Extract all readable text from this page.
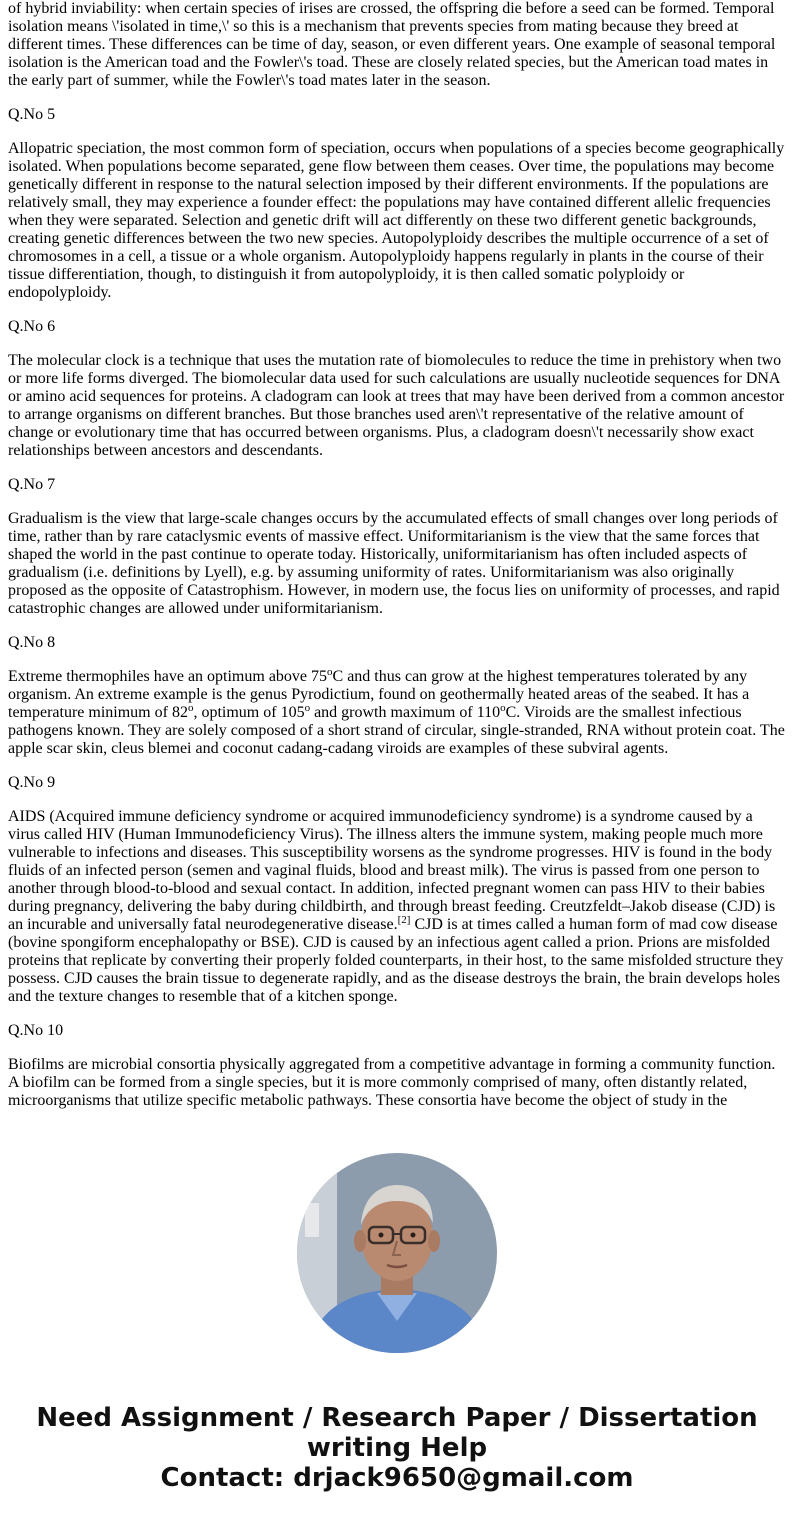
of hybrid inviability: when certain species of irises are crossed, the offspring die before a seed can be formed. Temporal isolation means \'isolated in time,\' so this is a mechanism that prevents species from mating because they breed at different times. These differences can be time of day, season, or even different years. One example of seasonal temporal isolation is the American toad and the Fowler\'s toad. These are closely related species, but the American toad mates in the early part of summer, while the Fowler\'s toad mates later in the season.

Q.No 5

Allopatric speciation, the most common form of speciation, occurs when populations of a species become geographically isolated. When populations become separated, gene flow between them ceases. Over time, the populations may become genetically different in response to the natural selection imposed by their different environments. If the populations are relatively small, they may experience a founder effect: the populations may have contained different allelic frequencies when they were separated. Selection and genetic drift will act differently on these two different genetic backgrounds, creating genetic differences between the two new species. Autopolyploidy describes the multiple occurrence of a set of chromosomes in a cell, a tissue or a whole organism. Autopolyploidy happens regularly in plants in the course of their tissue differentiation, though, to distinguish it from autopolyploidy, it is then called somatic polyploidy or endopolyploidy.

Q.No 6

The molecular clock is a technique that uses the mutation rate of biomolecules to reduce the time in prehistory when two or more life forms diverged. The biomolecular data used for such calculations are usually nucleotide sequences for DNA or amino acid sequences for proteins. A cladogram can look at trees that may have been derived from a common ancestor to arrange organisms on different branches. But those branches used aren\'t representative of the relative amount of change or evolutionary time that has occurred between organisms. Plus, a cladogram doesn\'t necessarily show exact relationships between ancestors and descendants.

Q.No 7

Gradualism is the view that large-scale changes occurs by the accumulated effects of small changes over long periods of time, rather than by rare cataclysmic events of massive effect. Uniformitarianism is the view that the same forces that shaped the world in the past continue to operate today. Historically, uniformitarianism has often included aspects of gradualism (i.e. definitions by Lyell), e.g. by assuming uniformity of rates. Uniformitarianism was also originally proposed as the opposite of Catastrophism. However, in modern use, the focus lies on uniformity of processes, and rapid catastrophic changes are allowed under uniformitarianism.

Q.No 8

Extreme thermophiles have an optimum above 75$^o$C and thus can grow at the highest temperatures tolerated by any organism. An extreme example is the genus Pyrodictium, found on geothermally heated areas of the seabed. It has a temperature minimum of 82$^o$, optimum of 105$^o$ and growth maximum of 110$^o$C. Viroids are the smallest infectious pathogens known. They are solely composed of a short strand of circular, single-stranded, RNA without protein coat. The apple scar skin, cleus blemei and coconut cadang-cadang viroids are examples of these subviral agents.

Q.No 9

AIDS (Acquired immune deficiency syndrome or acquired immunodeficiency syndrome) is a syndrome caused by a virus called HIV (Human Immunodeficiency Virus). The illness alters the immune system, making people much more vulnerable to infections and diseases. This susceptibility worsens as the syndrome progresses. HIV is found in the body fluids of an infected person (semen and vaginal fluids, blood and breast milk). The virus is passed from one person to another through blood-to-blood and sexual contact. In addition, infected pregnant women can pass HIV to their babies during pregnancy, delivering the baby during childbirth, and through breast feeding. Creutzfeldt–Jakob disease (CJD) is an incurable and universally fatal neurodegenerative disease.[2] CJD is at times called a human form of mad cow disease (bovine spongiform encephalopathy or BSE). CJD is caused by an infectious agent called a prion. Prions are misfolded proteins that replicate by converting their properly folded counterparts, in their host, to the same misfolded structure they possess. CJD causes the brain tissue to degenerate rapidly, and as the disease destroys the brain, the brain develops holes and the texture changes to resemble that of a kitchen sponge.

Q.No 10

Biofilms are microbial consortia physically aggregated from a competitive advantage in forming a community function. A biofilm can be formed from a single species, but it is more commonly comprised of many, often distantly related, microorganisms that utilize specific metabolic pathways. These consortia have become the object of study in the

Need Assignment / Research Paper / Dissertation
writing Help
Contact: drjack9650@gmail.com
